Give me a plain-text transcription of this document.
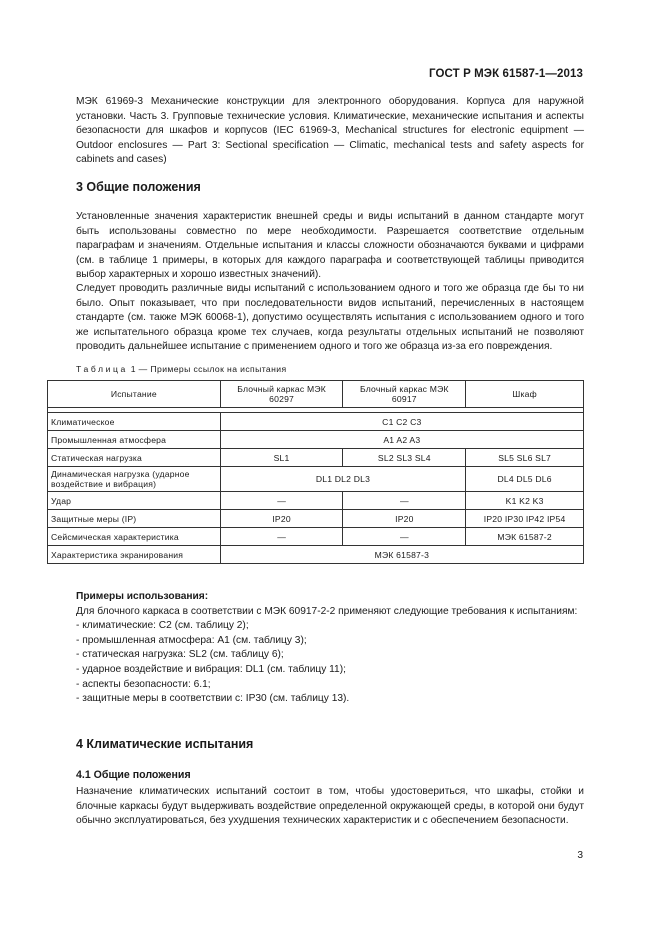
ГОСТ Р МЭК 61587-1—2013

МЭК 61969-3 Механические конструкции для электронного оборудования. Корпуса для наружной установки. Часть 3. Групповые технические условия. Климатические, механические испытания и аспекты безопасности для шкафов и корпусов (IEC 61969-3, Mechanical structures for electronic equipment — Outdoor enclosures — Part 3: Sectional specification — Climatic, mechanical tests and safety aspects for cabinets and cases)

3 Общие положения

Установленные значения характеристик внешней среды и виды испытаний в данном стандарте могут быть использованы совместно по мере необходимости. Разрешается соответствие отдельным параграфам и значениям. Отдельные испытания и классы сложности обозначаются буквами и цифрами (см. в таблице 1 примеры, в которых для каждого параграфа и соответствующей таблицы приводится выбор характерных и хорошо известных значений).

Следует проводить различные виды испытаний с использованием одного и того же образца где бы то ни было. Опыт показывает, что при последовательности видов испытаний, перечисленных в настоящем стандарте (см. также МЭК 60068-1), допустимо осуществлять испытания с использованием одного и того же испытательного образца кроме тех случаев, когда результаты отдельных испытаний не позволяют проводить дальнейшее испытание с применением одного и того же образца из-за его повреждения.

Таблица 1 — Примеры ссылок на испытания
Испытание	Блочный каркас МЭК 60297	Блочный каркас МЭК 60917	Шкаф

Климатическое	C1 C2 C3		
Промышленная атмосфера	A1 A2 A3		
Статическая нагрузка	SL1	SL2 SL3 SL4	SL5 SL6 SL7
Динамическая нагрузка (ударное воздействие и вибрация)	DL1 DL2 DL3		DL4 DL5 DL6
Удар	—	—	K1 K2 K3
Защитные меры (IP)	IP20	IP20	IP20 IP30 IP42 IP54
Сейсмическая характеристика	—	—	МЭК 61587-2
Характеристика экранирования	МЭК 61587-3		
Примеры использования:
Для блочного каркаса в соответствии с МЭК 60917-2-2 применяют следующие требования к испытаниям:
- климатические: C2 (см. таблицу 2);
- промышленная атмосфера: A1 (см. таблицу 3);
- статическая нагрузка: SL2 (см. таблицу 6);
- ударное воздействие и вибрация: DL1 (см. таблицу 11);
- аспекты безопасности: 6.1;
- защитные меры в соответствии с: IP30 (см. таблицу 13).
4 Климатические испытания
4.1 Общие положения

Назначение климатических испытаний состоит в том, чтобы удостовериться, что шкафы, стойки и блочные каркасы будут выдерживать воздействие определенной окружающей среды, в которой они будут обычно эксплуатироваться, без ухудшения технических характеристик и с обеспечением безопасности.

3
